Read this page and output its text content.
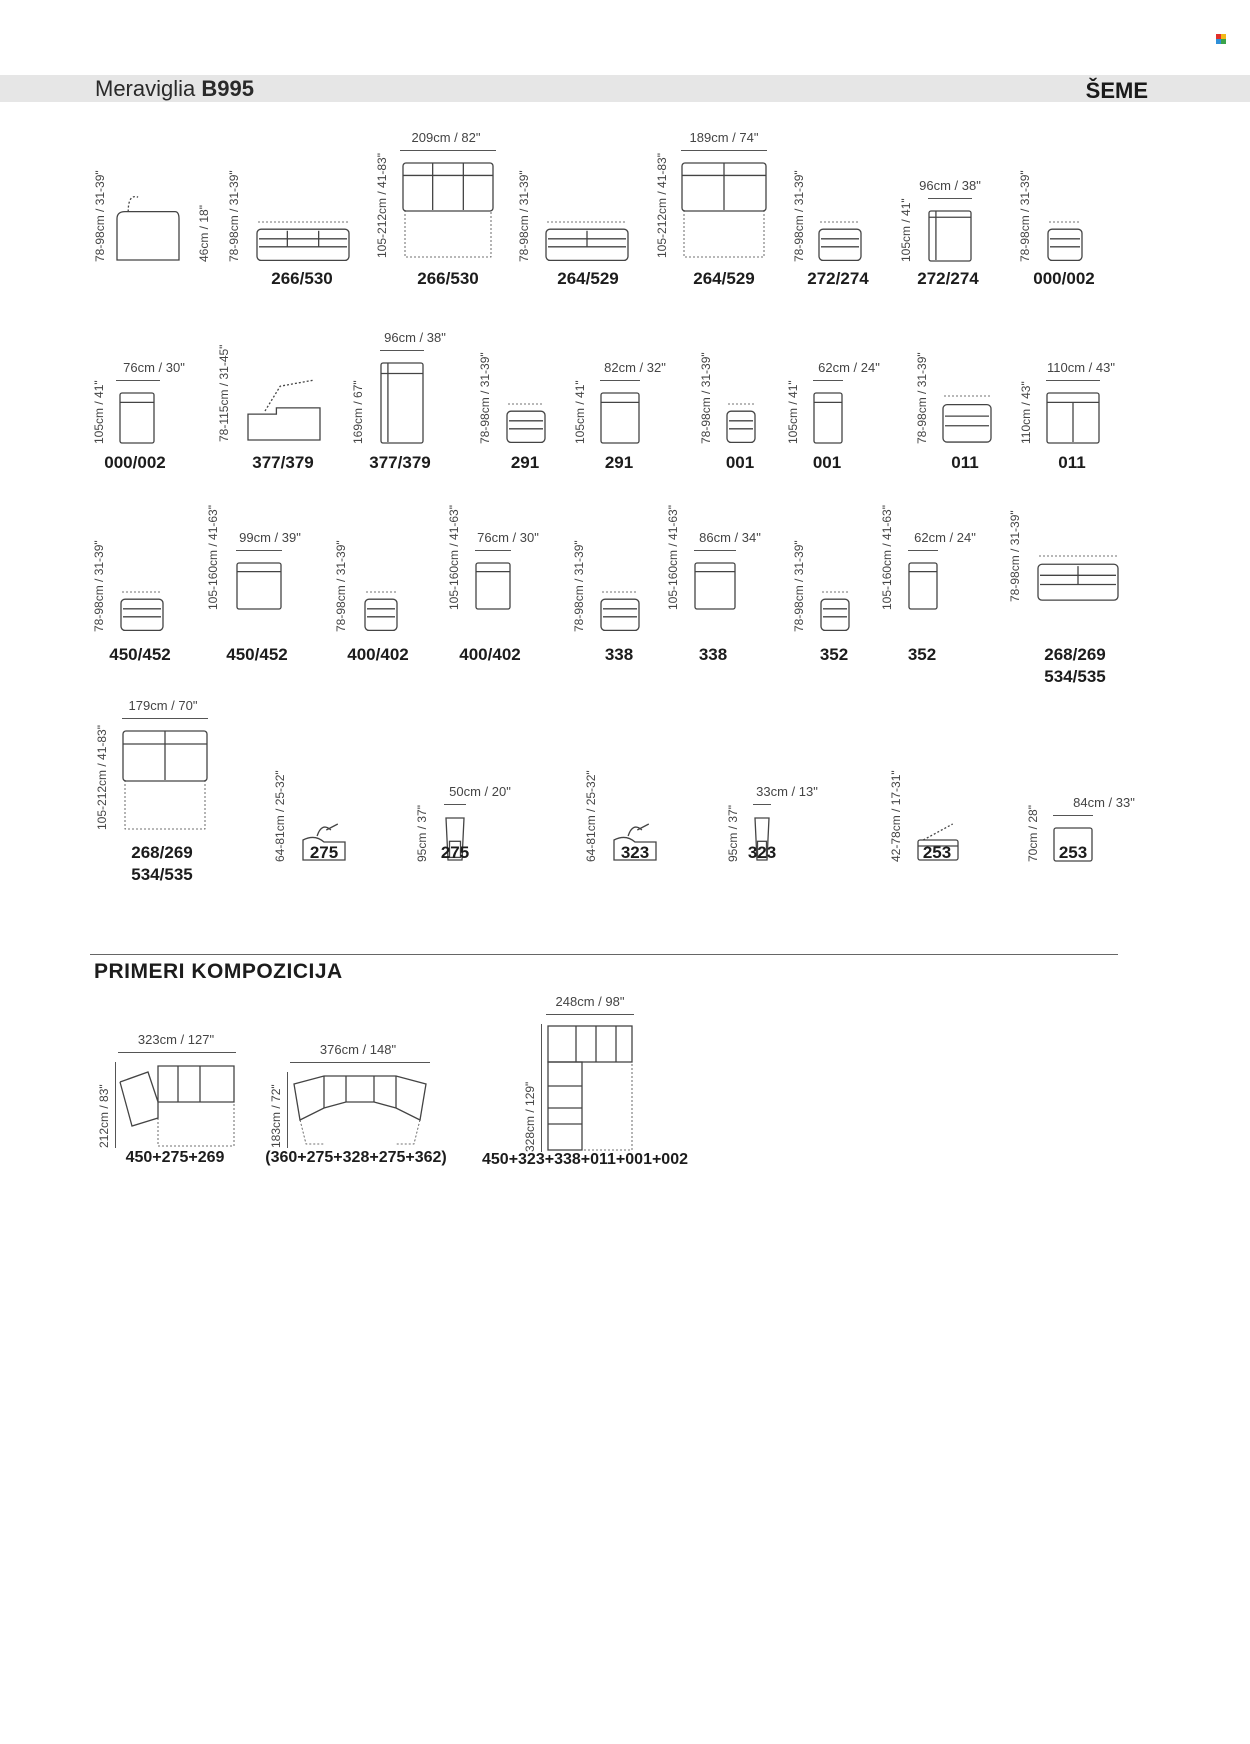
Meraviglia B995	ŠEME
78-98cm / 31-39"	46cm / 18" 78-98cm / 31-39"
266/530
105-212cm / 41-83"
209cm / 82"
266/530
78-98cm / 31-39"
264/529
105-212cm / 41-83"
189cm / 74"
264/529
78-98cm / 31-39"
272/274
105cm / 41"
96cm / 38"
272/274
78-98cm / 31-39"
000/002
105cm / 41"
76cm / 30"
000/002
78-115cm / 31-45"
377/379
169cm / 67"
96cm / 38"
377/379
78-98cm / 31-39"
291
105cm / 41"
82cm / 32"
291
78-98cm / 31-39"
001
105cm / 41"
62cm / 24"
001
78-98cm / 31-39"
011
110cm / 43"
110cm / 43"
011
78-98cm / 31-39"
450/452
105-160cm / 41-63" 99cm / 39"
450/452
78-98cm / 31-39"
400/402
105-160cm / 41-63" 76cm / 30"
400/402
78-98cm / 31-39"
338
105-160cm / 41-63" 86cm / 34"
338
78-98cm / 31-39"
352
105-160cm / 41-63" 62cm / 24"
352
78-98cm / 31-39"
268/269
534/535
105-212cm / 41-83"
179cm / 70"
268/269
534/535
64-81cm / 25-32" 275	95cm / 37"
50cm / 20"
275	64-81cm / 25-32" 323	95cm / 37"
33cm / 13"
323	42-78cm / 17-31" 253	70cm / 28"
84cm / 33"
253
PRIMERI KOMPOZICIJA
323cm / 127"
212cm / 83"
450+275+269
376cm / 148"
183cm / 72"
(360+275+328+275+362)
248cm / 98"
328cm / 129"
450+323+338+011+001+002
